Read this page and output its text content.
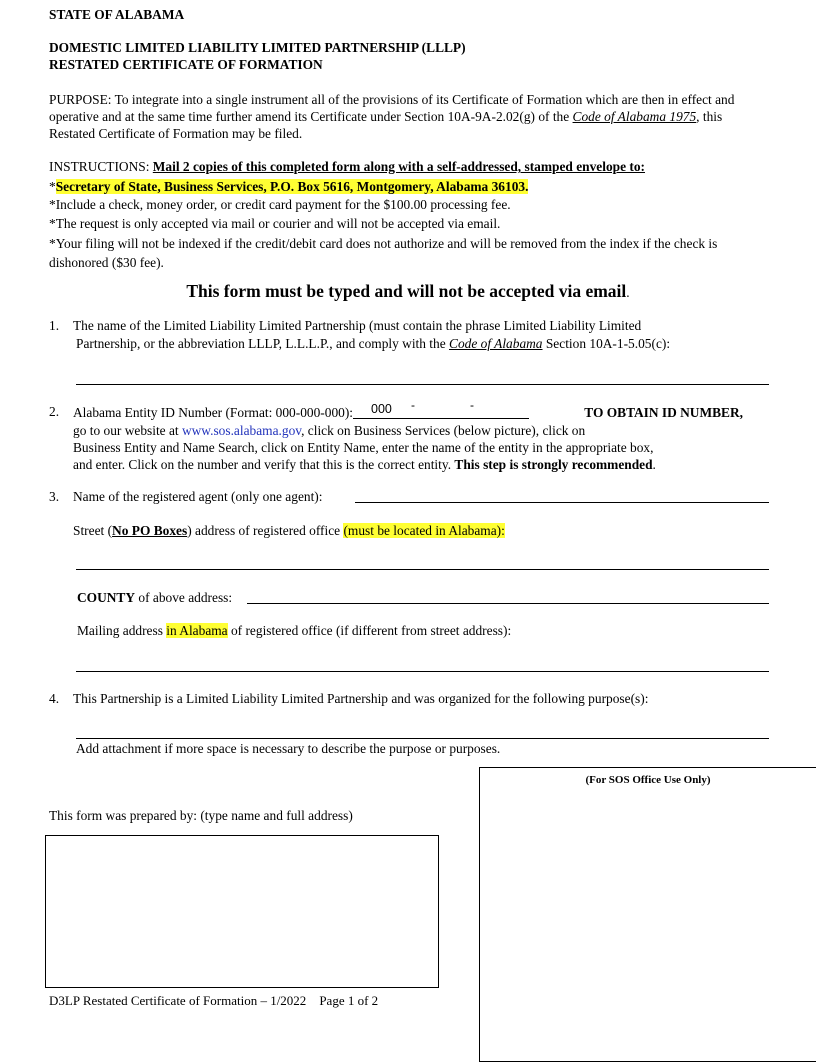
STATE OF ALABAMA
DOMESTIC LIMITED LIABILITY LIMITED PARTNERSHIP (LLLP)
RESTATED CERTIFICATE OF FORMATION

PURPOSE: To integrate into a single instrument all of the provisions of its Certificate of Formation which are then in effect and operative and at the same time further amend its Certificate under Section 10A-9A-2.02(g) of the Code of Alabama 1975, this Restated Certificate of Formation may be filed.

INSTRUCTIONS: Mail 2 copies of this completed form along with a self-addressed, stamped envelope to:
*Secretary of State, Business Services, P.O. Box 5616, Montgomery, Alabama 36103.
*Include a check, money order, or credit card payment for the $100.00 processing fee.
*The request is only accepted via mail or courier and will not be accepted via email.

*Your filing will not be indexed if the credit/debit card does not authorize and will be removed from the index if the check is dishonored ($30 fee).

This form must be typed and will not be accepted via email.
1. The name of the Limited Liability Limited Partnership (must contain the phrase Limited Liability Limited
Partnership, or the abbreviation LLLP, L.L.L.P., and comply with the Code of Alabama Section 10A-1-5.05(c):
2. Alabama Entity ID Number (Format: 000-000-000): 000 -	-	TO OBTAIN ID NUMBER,
go to our website at www.sos.alabama.gov, click on Business Services (below picture), click on
Business Entity and Name Search, click on Entity Name, enter the name of the entity in the appropriate box,
and enter. Click on the number and verify that this is the correct entity. This step is strongly recommended.
3. Name of the registered agent (only one agent):
Street (No PO Boxes) address of registered office (must be located in Alabama):
COUNTY of above address:
Mailing address in Alabama of registered office (if different from street address):
4. This Partnership is a Limited Liability Limited Partnership and was organized for the following purpose(s):
Add attachment if more space is necessary to describe the purpose or purposes.
(For SOS Office Use Only)
This form was prepared by: (type name and full address)
D3LP Restated Certificate of Formation – 1/2022 Page 1 of 2
